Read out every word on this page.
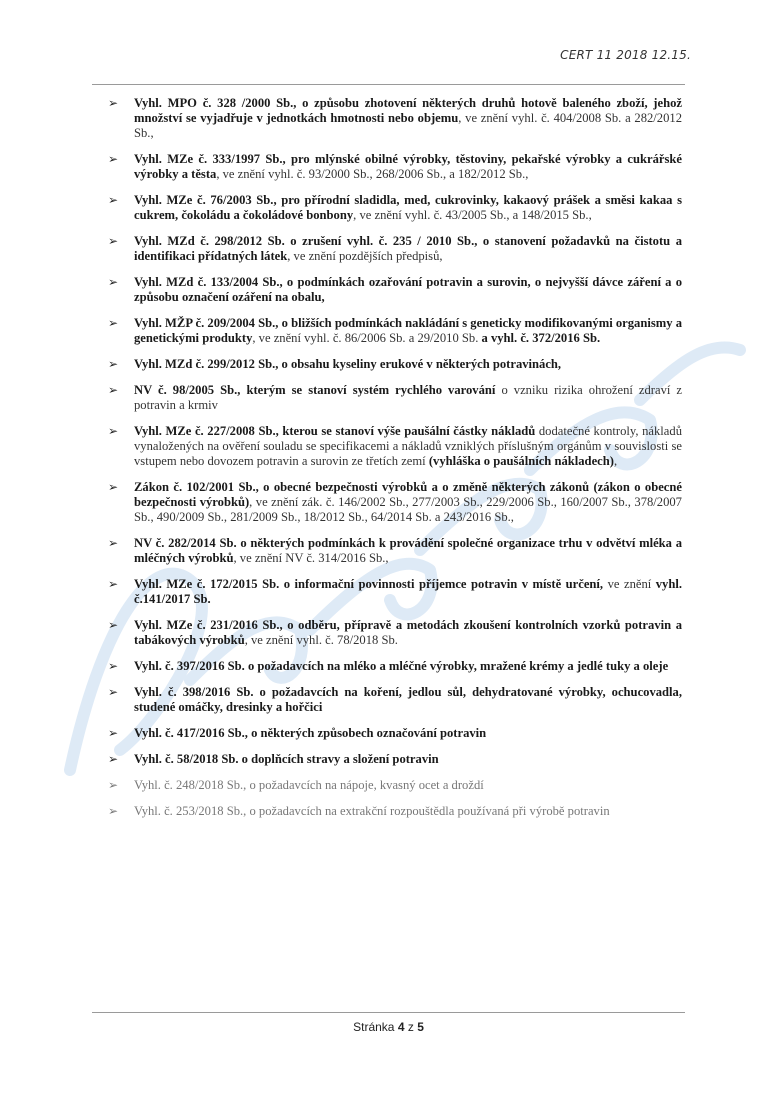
CERT 11 2018 12.15.
➢ Vyhl. MPO č. 328 /2000 Sb., o způsobu zhotovení některých druhů hotově baleného zboží, jehož množství se vyjadřuje v jednotkách hmotnosti nebo objemu, ve znění vyhl. č. 404/2008 Sb. a 282/2012 Sb.,
➢ Vyhl. MZe č. 333/1997 Sb., pro mlýnské obilné výrobky, těstoviny, pekařské výrobky a cukrářské výrobky a těsta, ve znění vyhl. č. 93/2000 Sb., 268/2006 Sb., a 182/2012 Sb.,
➢ Vyhl. MZe č. 76/2003 Sb., pro přírodní sladidla, med, cukrovinky, kakaový prášek a směsi kakaa s cukrem, čokoládu a čokoládové bonbony, ve znění vyhl. č. 43/2005 Sb., a 148/2015 Sb.,
➢ Vyhl. MZd č. 298/2012 Sb. o zrušení vyhl. č. 235 / 2010 Sb., o stanovení požadavků na čistotu a identifikaci přídatných látek, ve znění pozdějších předpisů,
➢ Vyhl. MZd č. 133/2004 Sb., o podmínkách ozařování potravin a surovin, o nejvyšší dávce záření a o způsobu označení ozáření na obalu,
➢ Vyhl. MŽP č. 209/2004 Sb., o bližších podmínkách nakládání s geneticky modifikovanými organismy a genetickými produkty, ve znění vyhl. č. 86/2006 Sb. a 29/2010 Sb. a vyhl. č. 372/2016 Sb.
➢ Vyhl. MZd č. 299/2012 Sb., o obsahu kyseliny erukové v některých potravinách,
➢ NV č. 98/2005 Sb., kterým se stanoví systém rychlého varování o vzniku rizika ohrožení zdraví z potravin a krmiv
➢ Vyhl. MZe č. 227/2008 Sb., kterou se stanoví výše paušální částky nákladů dodatečné kontroly, nákladů vynaložených na ověření souladu se specifikacemi a nákladů vzniklých příslušným orgánům v souvislosti se vstupem nebo dovozem potravin a surovin ze třetích zemí (vyhláška o paušálních nákladech),
➢ Zákon č. 102/2001 Sb., o obecné bezpečnosti výrobků a o změně některých zákonů (zákon o obecné bezpečnosti výrobků), ve znění zák. č. 146/2002 Sb., 277/2003 Sb., 229/2006 Sb., 160/2007 Sb., 378/2007 Sb., 490/2009 Sb., 281/2009 Sb., 18/2012 Sb., 64/2014 Sb. a 243/2016 Sb.,
➢ NV č. 282/2014 Sb. o některých podmínkách k provádění společné organizace trhu v odvětví mléka a mléčných výrobků, ve znění NV č. 314/2016 Sb.,
➢ Vyhl. MZe č. 172/2015 Sb. o informační povinnosti příjemce potravin v místě určení, ve znění vyhl. č.141/2017 Sb.
➢ Vyhl. MZe č. 231/2016 Sb., o odběru, přípravě a metodách zkoušení kontrolních vzorků potravin a tabákových výrobků, ve znění vyhl. č. 78/2018 Sb.
➢ Vyhl. č. 397/2016 Sb. o požadavcích na mléko a mléčné výrobky, mražené krémy a jedlé tuky a oleje
➢ Vyhl. č. 398/2016 Sb. o požadavcích na koření, jedlou sůl, dehydratované výrobky, ochucovadla, studené omáčky, dresinky a hořčici
➢ Vyhl. č. 417/2016 Sb., o některých způsobech označování potravin
➢ Vyhl. č. 58/2018 Sb. o doplňcích stravy a složení potravin
➢ Vyhl. č. 248/2018 Sb., o požadavcích na nápoje, kvasný ocet a droždí
➢ Vyhl. č. 253/2018 Sb., o požadavcích na extrakční rozpouštědla používaná při výrobě potravin
Stránka 4 z 5
